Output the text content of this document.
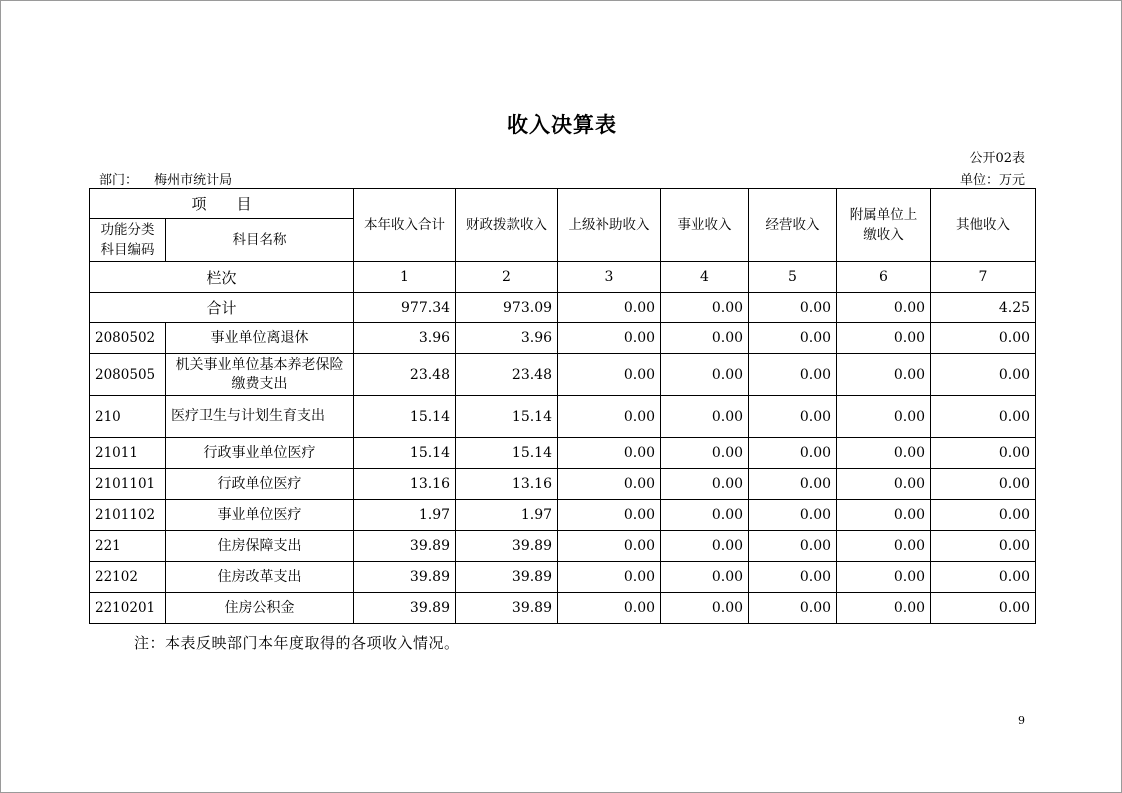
收入决算表
公开02表
部门： 梅州市统计局	单位：万元
项　　目		本年收入合计	财政拨款收入	上级补助收入	事业收入	经营收入	附属单位上缴收入	其他收入
功能分类科目编码	科目名称							
栏次		1	2	3	4	5	6	7
合计		977.34	973.09	0.00	0.00	0.00	0.00	4.25
2080502	事业单位离退休	3.96	3.96	0.00	0.00	0.00	0.00	0.00
2080505	机关事业单位基本养老保险缴费支出	23.48	23.48	0.00	0.00	0.00	0.00	0.00
210	医疗卫生与计划生育支出	15.14	15.14	0.00	0.00	0.00	0.00	0.00
21011	行政事业单位医疗	15.14	15.14	0.00	0.00	0.00	0.00	0.00
2101101	行政单位医疗	13.16	13.16	0.00	0.00	0.00	0.00	0.00
2101102	事业单位医疗	1.97	1.97	0.00	0.00	0.00	0.00	0.00
221	住房保障支出	39.89	39.89	0.00	0.00	0.00	0.00	0.00
22102	住房改革支出	39.89	39.89	0.00	0.00	0.00	0.00	0.00
2210201	住房公积金	39.89	39.89	0.00	0.00	0.00	0.00	0.00
注：本表反映部门本年度取得的各项收入情况。
9
